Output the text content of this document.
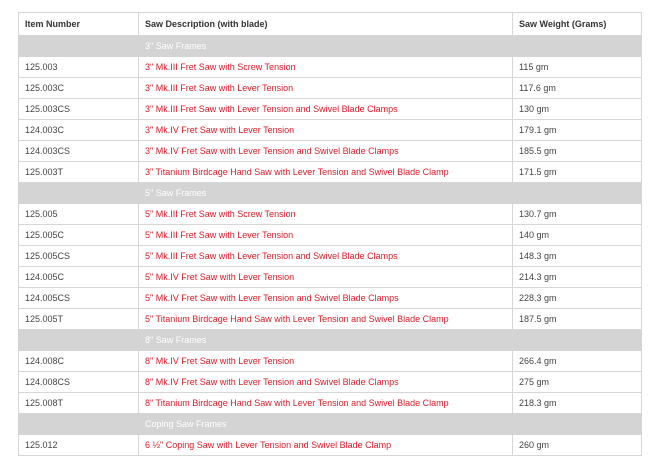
Item Number	Saw Description (with blade)	Saw Weight (Grams)
	3" Saw Frames	
125.003	3" Mk.III Fret Saw with Screw Tension	115 gm
125.003C	3" Mk.III Fret Saw with Lever Tension	117.6 gm
125.003CS	3" Mk.III Fret Saw with Lever Tension and Swivel Blade Clamps	130 gm
124.003C	3" Mk.IV Fret Saw with Lever Tension	179.1 gm
124.003CS	3" Mk.IV Fret Saw with Lever Tension and Swivel Blade Clamps	185.5 gm
125.003T	3" Titanium Birdcage Hand Saw with Lever Tension and Swivel Blade Clamp	171.5 gm
	5" Saw Frames	
125.005	5" Mk.III Fret Saw with Screw Tension	130.7 gm
125.005C	5" Mk.III Fret Saw with Lever Tension	140 gm
125.005CS	5" Mk.III Fret Saw with Lever Tension and Swivel Blade Clamps	148.3 gm
124.005C	5" Mk.IV Fret Saw with Lever Tension	214.3 gm
124.005CS	5" Mk.IV Fret Saw with Lever Tension and Swivel Blade Clamps	228.3 gm
125.005T	5" Titanium Birdcage Hand Saw with Lever Tension and Swivel Blade Clamp	187.5 gm
	8" Saw Frames	
124.008C	8" Mk.IV Fret Saw with Lever Tension	266.4 gm
124.008CS	8" Mk.IV Fret Saw with Lever Tension and Swivel Blade Clamps	275 gm
125.008T	8" Titanium Birdcage Hand Saw with Lever Tension and Swivel Blade Clamp	218.3 gm
	Coping Saw Frames	
125.012	6 ½" Coping Saw with Lever Tension and Swivel Blade Clamp	260 gm
